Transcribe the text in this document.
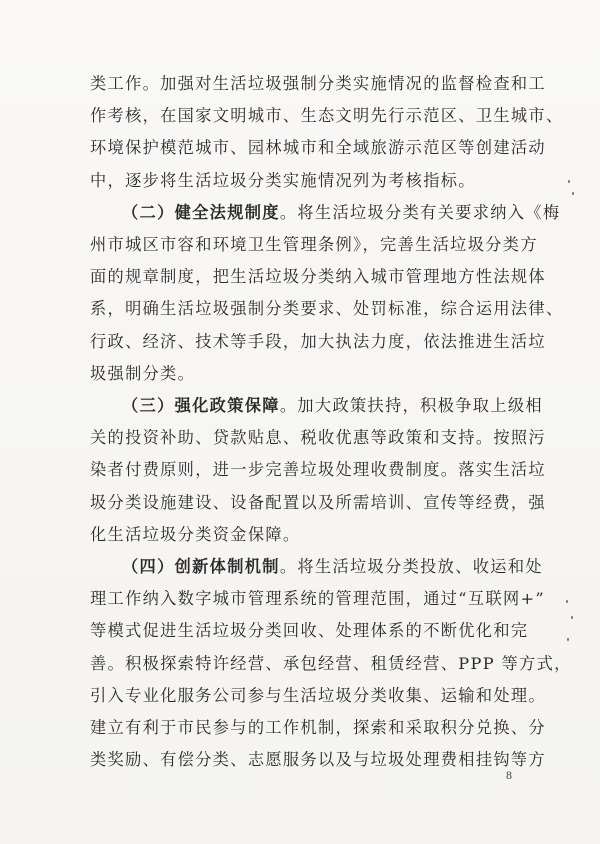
类工作。加强对生活垃圾强制分类实施情况的监督检查和工
作考核，在国家文明城市、生态文明先行示范区、卫生城市、
环境保护模范城市、园林城市和全域旅游示范区等创建活动
中，逐步将生活垃圾分类实施情况列为考核指标。
（二）健全法规制度。将生活垃圾分类有关要求纳入《梅
州市城区市容和环境卫生管理条例》，完善生活垃圾分类方
面的规章制度，把生活垃圾分类纳入城市管理地方性法规体
系，明确生活垃圾强制分类要求、处罚标准，综合运用法律、
行政、经济、技术等手段，加大执法力度，依法推进生活垃
圾强制分类。
（三）强化政策保障。加大政策扶持，积极争取上级相
关的投资补助、贷款贴息、税收优惠等政策和支持。按照污
染者付费原则，进一步完善垃圾处理收费制度。落实生活垃
圾分类设施建设、设备配置以及所需培训、宣传等经费，强
化生活垃圾分类资金保障。
（四）创新体制机制。将生活垃圾分类投放、收运和处
理工作纳入数字城市管理系统的管理范围，通过“互联网+”
等模式促进生活垃圾分类回收、处理体系的不断优化和完
善。积极探索特许经营、承包经营、租赁经营、PPP 等方式，
引入专业化服务公司参与生活垃圾分类收集、运输和处理。
建立有利于市民参与的工作机制，探索和采取积分兑换、分
类奖励、有偿分类、志愿服务以及与垃圾处理费相挂钩等方
8
